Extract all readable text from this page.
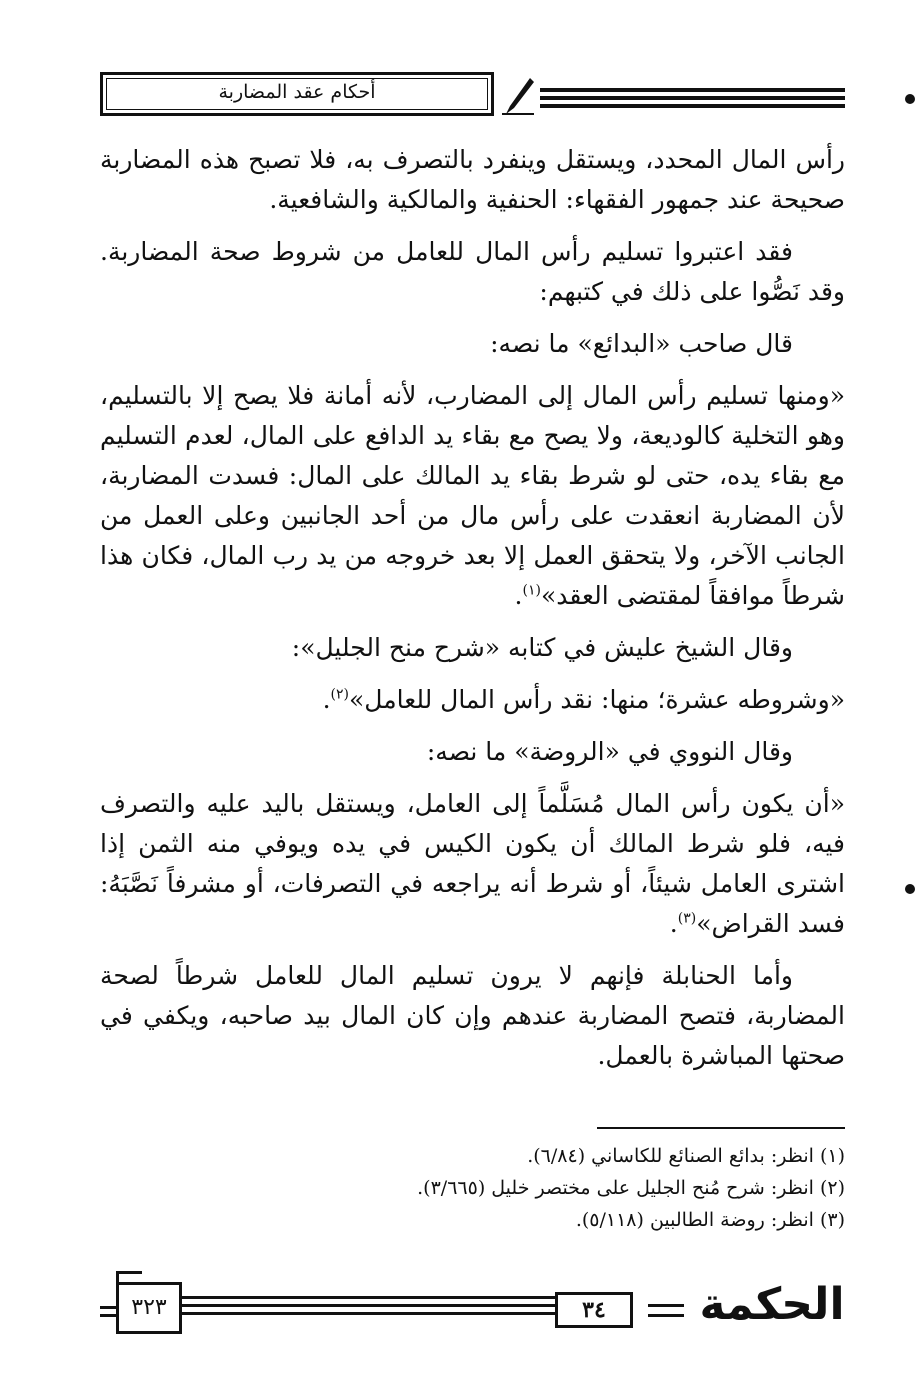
أحكام عقد المضاربة

رأس المال المحدد، ويستقل وينفرد بالتصرف به، فلا تصبح هذه المضاربة صحيحة عند جمهور الفقهاء: الحنفية والمالكية والشافعية.

فقد اعتبروا تسليم رأس المال للعامل من شروط صحة المضاربة. وقد نَصُّوا على ذلك في كتبهم:

قال صاحب «البدائع» ما نصه:

«ومنها تسليم رأس المال إلى المضارب، لأنه أمانة فلا يصح إلا بالتسليم، وهو التخلية كالوديعة، ولا يصح مع بقاء يد الدافع على المال، لعدم التسليم مع بقاء يده، حتى لو شرط بقاء يد المالك على المال: فسدت المضاربة، لأن المضاربة انعقدت على رأس مال من أحد الجانبين وعلى العمل من الجانب الآخر، ولا يتحقق العمل إلا بعد خروجه من يد رب المال، فكان هذا شرطاً موافقاً لمقتضى العقد»$^{(١)}$.

وقال الشيخ عليش في كتابه «شرح منح الجليل»:

«وشروطه عشرة؛ منها: نقد رأس المال للعامل»$^{(٢)}$.

وقال النووي في «الروضة» ما نصه:

«أن يكون رأس المال مُسَلَّماً إلى العامل، ويستقل باليد عليه والتصرف فيه، فلو شرط المالك أن يكون الكيس في يده ويوفي منه الثمن إذا اشترى العامل شيئاً، أو شرط أنه يراجعه في التصرفات، أو مشرفاً نَصَّبَهُ: فسد القراض»$^{(٣)}$.

وأما الحنابلة فإنهم لا يرون تسليم المال للعامل شرطاً لصحة المضاربة، فتصح المضاربة عندهم وإن كان المال بيد صاحبه، ويكفي في صحتها المباشرة بالعمل.

(١) انظر: بدائع الصنائع للكاساني (٦/٨٤).
(٢) انظر: شرح مُنح الجليل على مختصر خليل (٣/٦٦٥).
(٣) انظر: روضة الطالبين (٥/١١٨).
٣٢٣	٣٤	الحكمة
